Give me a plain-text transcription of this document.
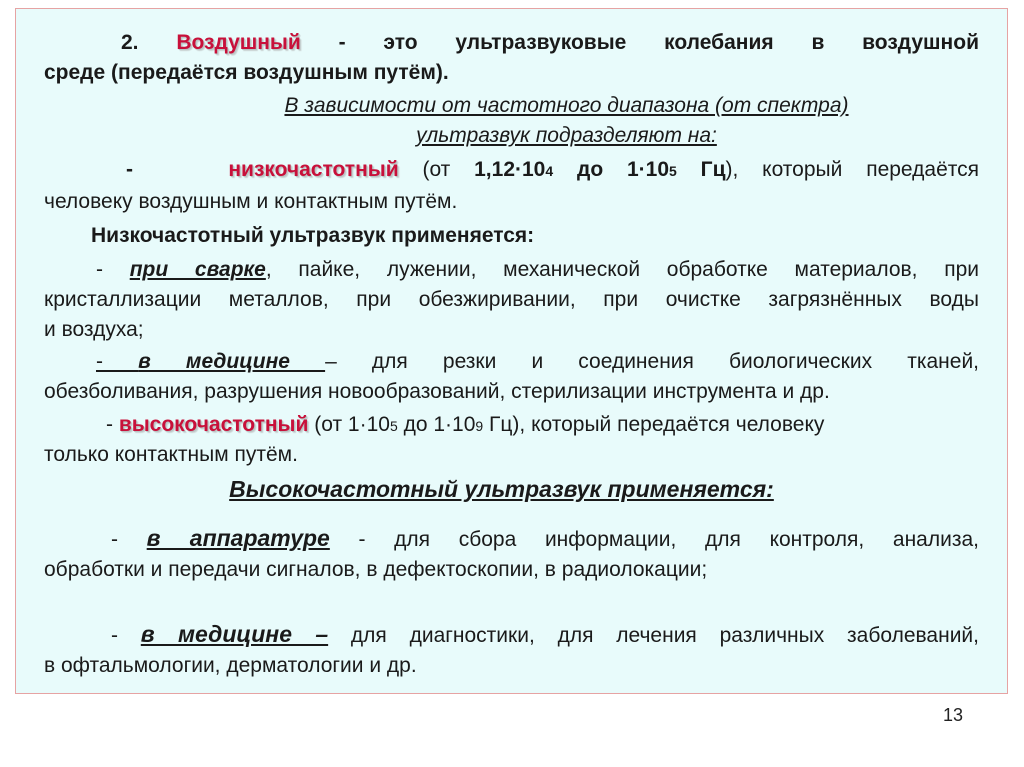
2. Воздушный - это ультразвуковые колебания в воздушной
среде (передаётся воздушным путём).
В зависимости от частотного диапазона (от спектра)
ультразвук подразделяют на:
-	низкочастотный (от 1,12·104 до 1·105 Гц), который передаётся
человеку воздушным и контактным путём.
Низкочастотный ультразвук применяется:
- при сварке, пайке, лужении, механической обработке материалов, при
кристаллизации металлов, при обезжиривании, при очистке загрязнённых воды
и воздуха;
- в медицине – для резки и соединения биологических тканей,
обезболивания, разрушения новообразований, стерилизации инструмента и др.
- высокочастотный (от 1·105 до 1·109 Гц), который передаётся человеку
только контактным путём.
Высокочастотный ультразвук применяется:
- в аппаратуре - для сбора информации, для контроля, анализа,
обработки и передачи сигналов, в дефектоскопии, в радиолокации;
- в медицине – для диагностики, для лечения различных заболеваний,
в офтальмологии, дерматологии и др.
13
